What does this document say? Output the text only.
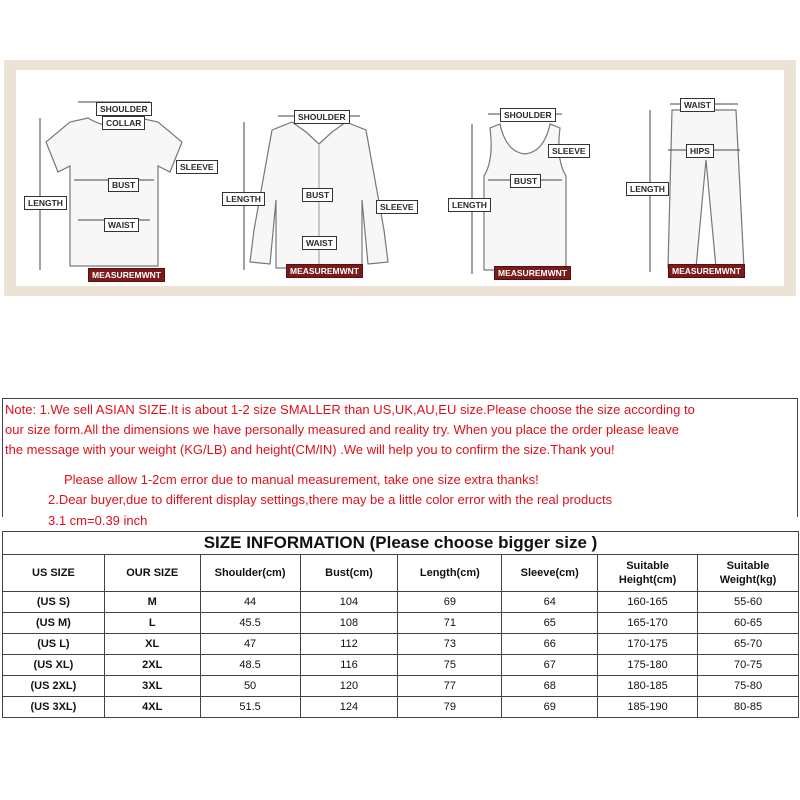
SHOULDER
COLLAR
SLEEVE
BUST
LENGTH
WAIST
MEASUREMWNT
SHOULDER
LENGTH	BUST
SLEEVE
WAIST
MEASUREMWNT
SHOULDER
SLEEVE
BUST
LENGTH
MEASUREMWNT
WAIST
HIPS
LENGTH
MEASUREMWNT
Note: 1.We sell ASIAN SIZE.It is about 1-2 size SMALLER than US,UK,AU,EU size.Please choose the size according to
our size form.All the dimensions we have personally measured and reality try. When you place the order please leave
the message with your weight (KG/LB) and height(CM/IN) .We will help you to confirm the size.Thank you!
Please allow 1-2cm error due to manual measurement, take one size extra thanks!
2.Dear buyer,due to different display settings,there may be a little color error with the real products
3.1 cm=0.39 inch
SIZE INFORMATION (Please choose bigger size )							
US SIZE	OUR SIZE	Shoulder(cm)	Bust(cm)	Length(cm)	Sleeve(cm)	Suitable
Height(cm)	Suitable
Weight(kg)
(US S)	M	44	104	69	64	160-165	55-60
(US M)	L	45.5	108	71	65	165-170	60-65
(US L)	XL	47	112	73	66	170-175	65-70
(US XL)	2XL	48.5	116	75	67	175-180	70-75
(US 2XL)	3XL	50	120	77	68	180-185	75-80
(US 3XL)	4XL	51.5	124	79	69	185-190	80-85
